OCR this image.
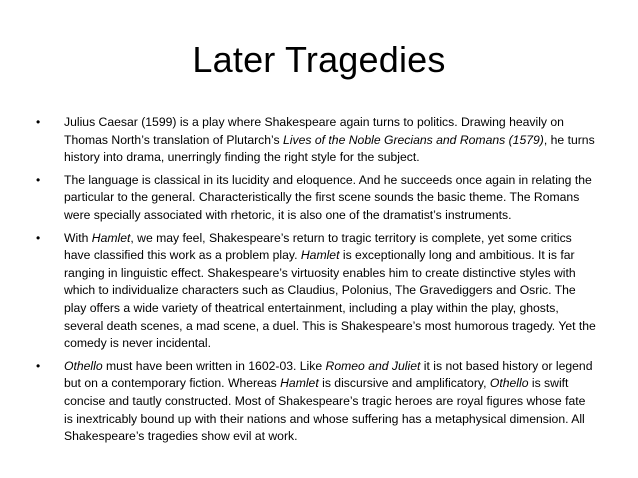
Later Tragedies
• Julius Caesar (1599) is a play where Shakespeare again turns to politics. Drawing heavily on Thomas North’s translation of Plutarch’s Lives of the Noble Grecians and Romans (1579), he turns history into drama, unerringly finding the right style for the subject.
• The language is classical in its lucidity and eloquence. And he succeeds once again in relating the particular to the general. Characteristically the first scene sounds the basic theme. The Romans were specially associated with rhetoric, it is also one of the dramatist’s instruments.
• With Hamlet, we may feel, Shakespeare’s return to tragic territory is complete, yet some critics have classified this work as a problem play. Hamlet is exceptionally long and ambitious. It is far ranging in linguistic effect. Shakespeare’s virtuosity enables him to create distinctive styles with which to individualize characters such as Claudius, Polonius, The Gravediggers and Osric. The play offers a wide variety of theatrical entertainment, including a play within the play, ghosts, several death scenes, a mad scene, a duel. This is Shakespeare’s most humorous tragedy. Yet the comedy is never incidental.
• Othello must have been written in 1602-03. Like Romeo and Juliet it is not based history or legend but on a contemporary fiction. Whereas Hamlet is discursive and amplificatory, Othello is swift concise and tautly constructed. Most of Shakespeare’s tragic heroes are royal figures whose fate is inextricably bound up with their nations and whose suffering has a metaphysical dimension. All Shakespeare’s tragedies show evil at work.
